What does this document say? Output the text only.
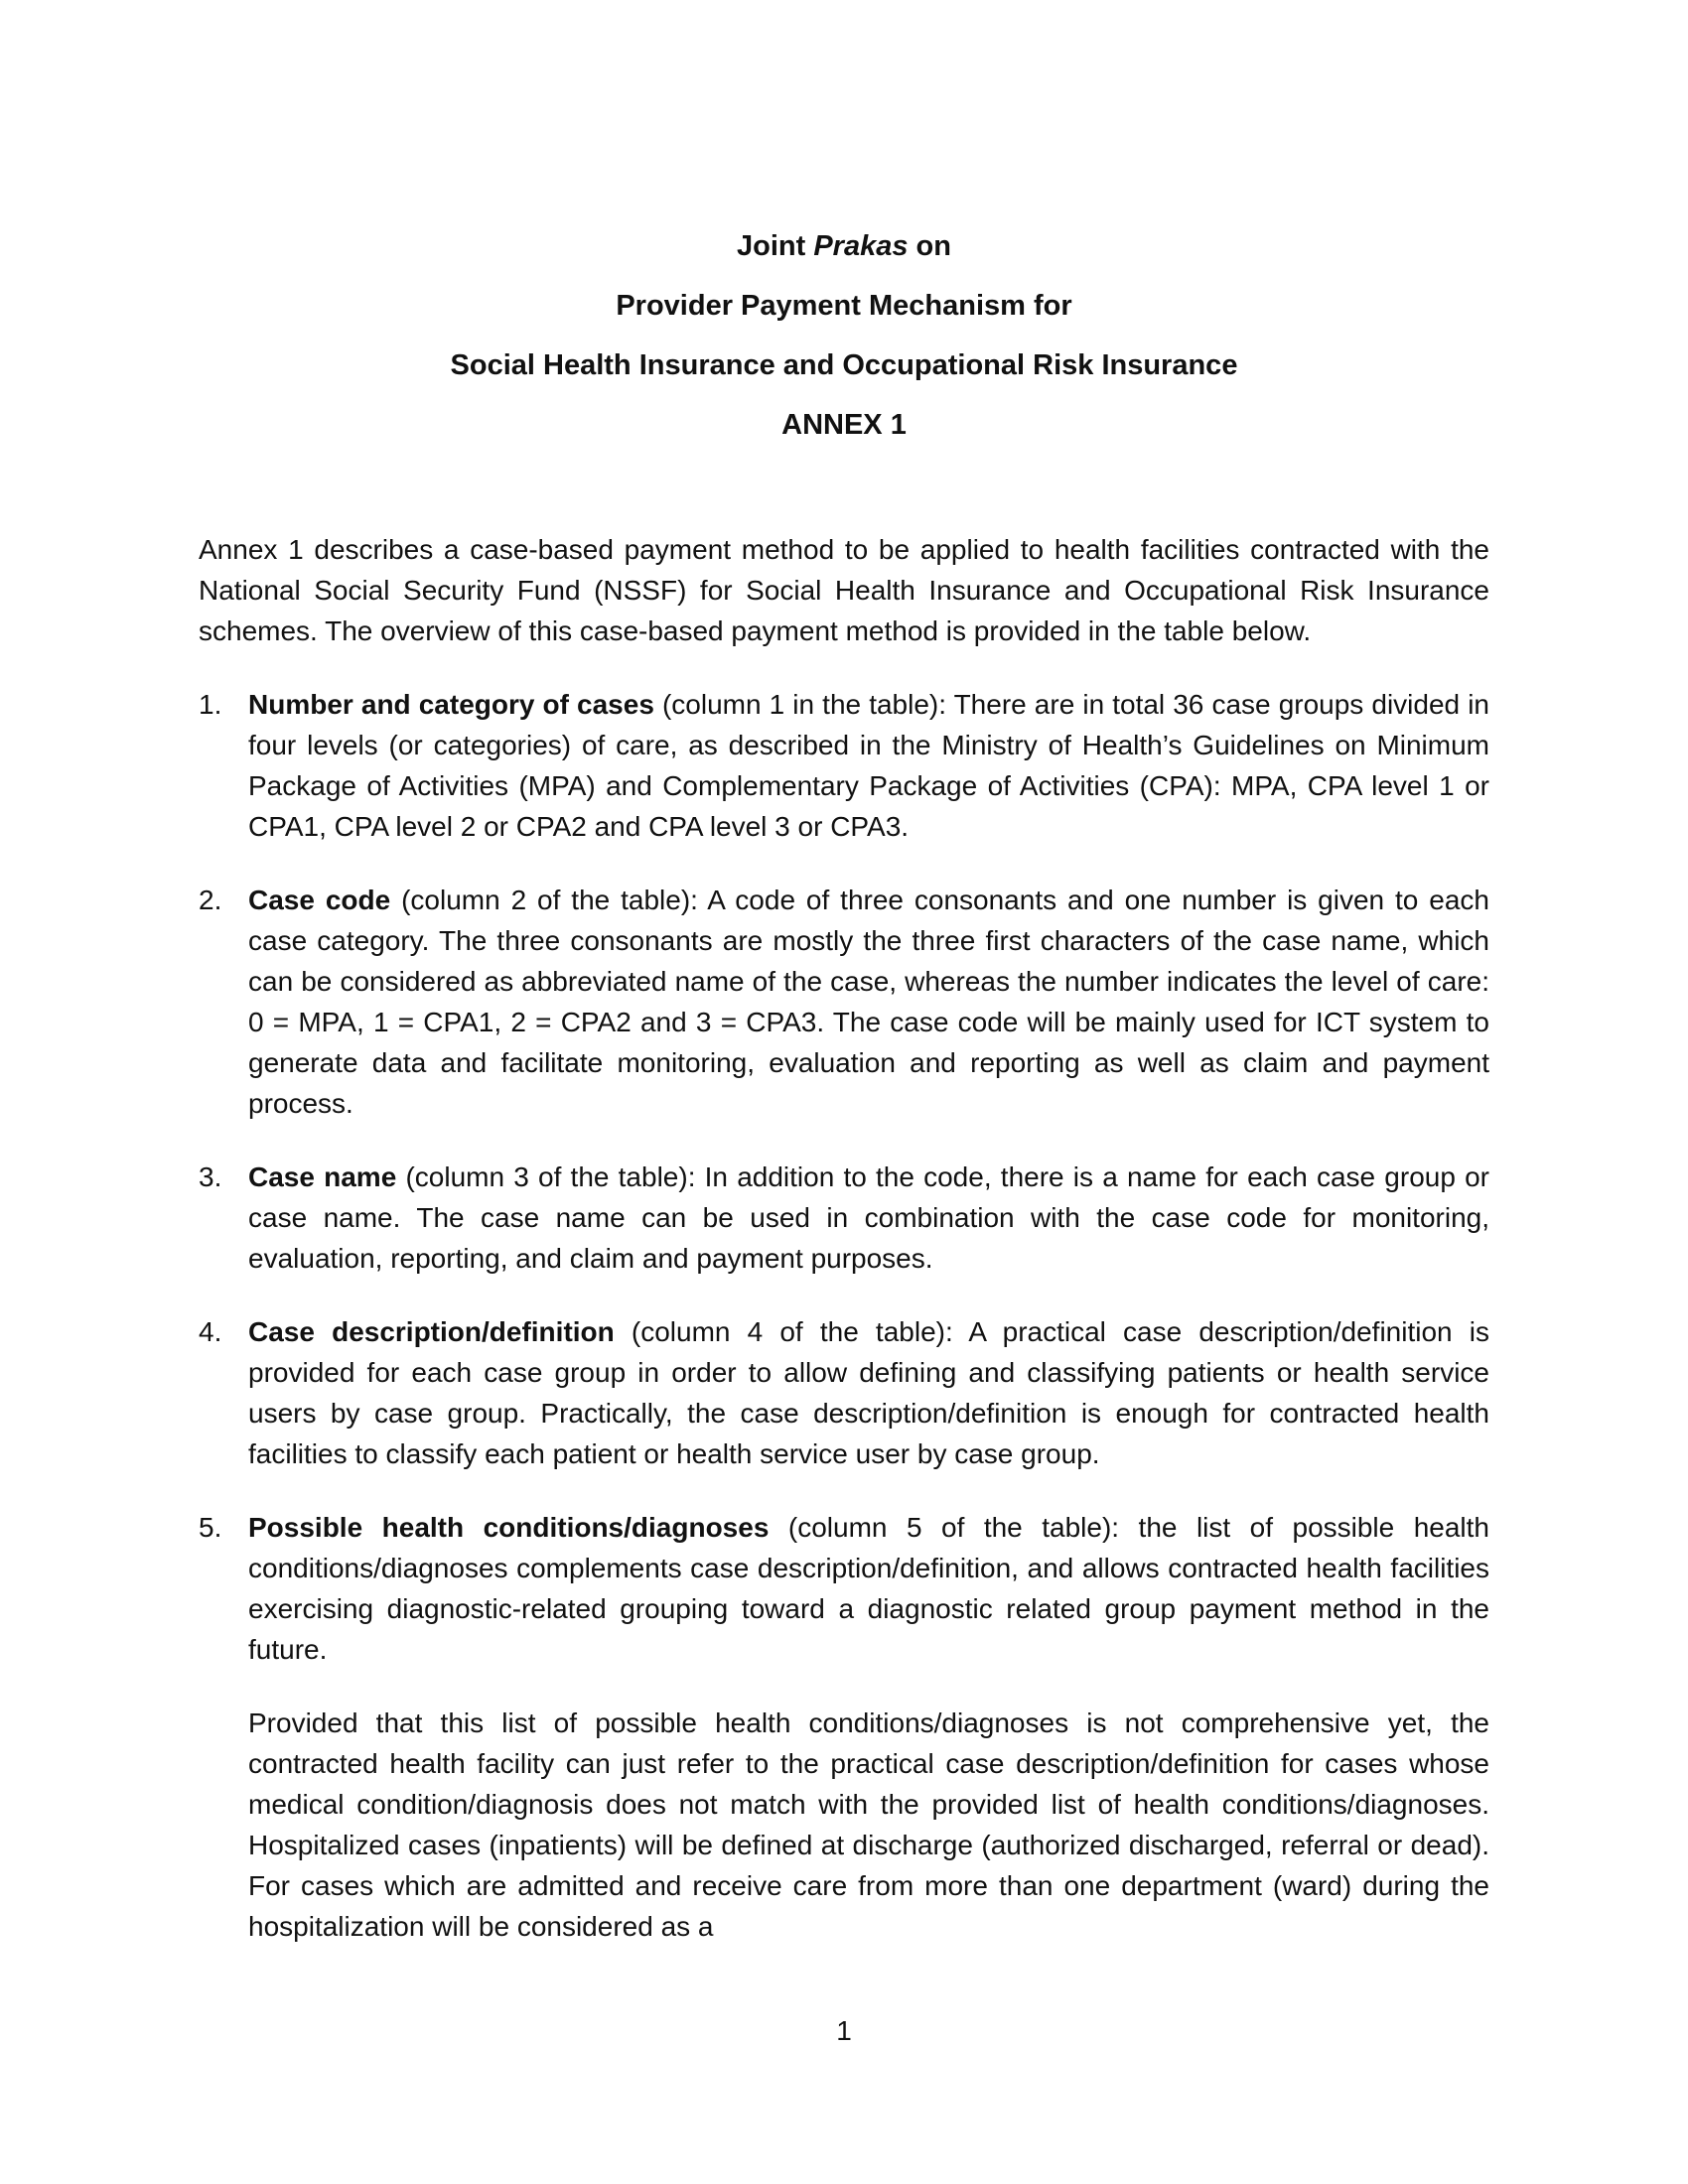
Joint Prakas on
Provider Payment Mechanism for
Social Health Insurance and Occupational Risk Insurance
ANNEX 1

Annex 1 describes a case-based payment method to be applied to health facilities contracted with the National Social Security Fund (NSSF) for Social Health Insurance and Occupational Risk Insurance schemes. The overview of this case-based payment method is provided in the table below.

1. Number and category of cases (column 1 in the table): There are in total 36 case groups divided in four levels (or categories) of care, as described in the Ministry of Health’s Guidelines on Minimum Package of Activities (MPA) and Complementary Package of Activities (CPA): MPA, CPA level 1 or CPA1, CPA level 2 or CPA2 and CPA level 3 or CPA3.

2. Case code (column 2 of the table): A code of three consonants and one number is given to each case category. The three consonants are mostly the three first characters of the case name, which can be considered as abbreviated name of the case, whereas the number indicates the level of care: 0 = MPA, 1 = CPA1, 2 = CPA2 and 3 = CPA3. The case code will be mainly used for ICT system to generate data and facilitate monitoring, evaluation and reporting as well as claim and payment process.

3. Case name (column 3 of the table): In addition to the code, there is a name for each case group or case name. The case name can be used in combination with the case code for monitoring, evaluation, reporting, and claim and payment purposes.

4. Case description/definition (column 4 of the table): A practical case description/definition is provided for each case group in order to allow defining and classifying patients or health service users by case group. Practically, the case description/definition is enough for contracted health facilities to classify each patient or health service user by case group.

5. Possible health conditions/diagnoses (column 5 of the table): the list of possible health conditions/diagnoses complements case description/definition, and allows contracted health facilities exercising diagnostic-related grouping toward a diagnostic related group payment method in the future.

Provided that this list of possible health conditions/diagnoses is not comprehensive yet, the contracted health facility can just refer to the practical case description/definition for cases whose medical condition/diagnosis does not match with the provided list of health conditions/diagnoses. Hospitalized cases (inpatients) will be defined at discharge (authorized discharged, referral or dead). For cases which are admitted and receive care from more than one department (ward) during the hospitalization will be considered as a

1
